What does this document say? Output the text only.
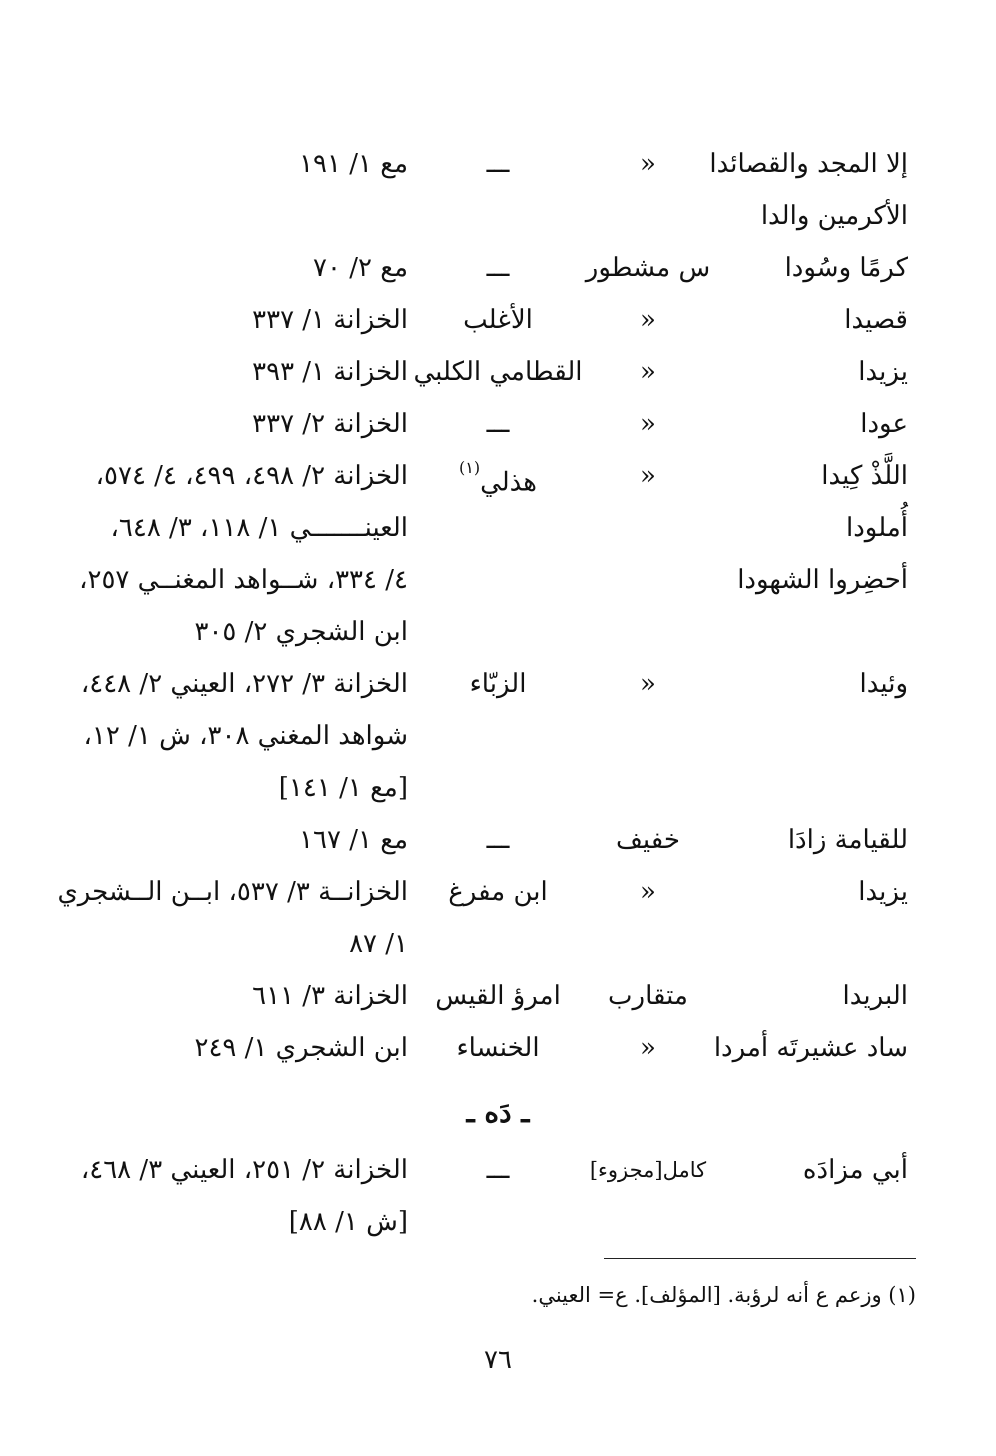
إلا المجد والقصائدا
«
ـــ
مع ١/ ١٩١
الأكرمين والدا
كرمًا وسُودا
س مشطور
ـــ
مع ٢/ ٧٠
قصيدا
«
الأغلب
الخزانة ١/ ٣٣٧
يزيدا
«
القطامي الكلبي
الخزانة ١/ ٣٩٣
عودا
«
ـــ
الخزانة ٢/ ٣٣٧
اللَّذْ كِيدا
«
هذلي$^{(١)}$
الخزانة ٢/ ٤٩٨، ٤٩٩، ٤/ ٥٧٤،
أُملودا
العينـــــــي ١/ ١١٨، ٣/ ٦٤٨،
أحضِروا الشهودا
٤/ ٣٣٤، شــواهد المغنــي ٢٥٧،
ابن الشجري ٢/ ٣٠٥
وئيدا
«
الزبّاء
الخزانة ٣/ ٢٧٢، العيني ٢/ ٤٤٨،
شواهد المغني ٣٠٨، ش ١/ ١٢،
[مع ١/ ١٤١]
للقيامة زادَا
خفيف
ـــ
مع ١/ ١٦٧
يزيدا
«
ابن مفرغ
الخزانــة ٣/ ٥٣٧، ابــن الــشجري
١/ ٨٧
البريدا
متقارب
امرؤ القيس
الخزانة ٣/ ٦١١
ساد عشيرتَه أمردا
«
الخنساء
ابن الشجري ١/ ٢٤٩
ـ دَه ـ
أبي مزادَه
كامل[مجزوء]
ـــ
الخزانة ٢/ ٢٥١، العيني ٣/ ٤٦٨،
[ش ١/ ٨٨]
(١) وزعم ع أنه لرؤبة. [المؤلف]. ع= العيني.
٧٦
